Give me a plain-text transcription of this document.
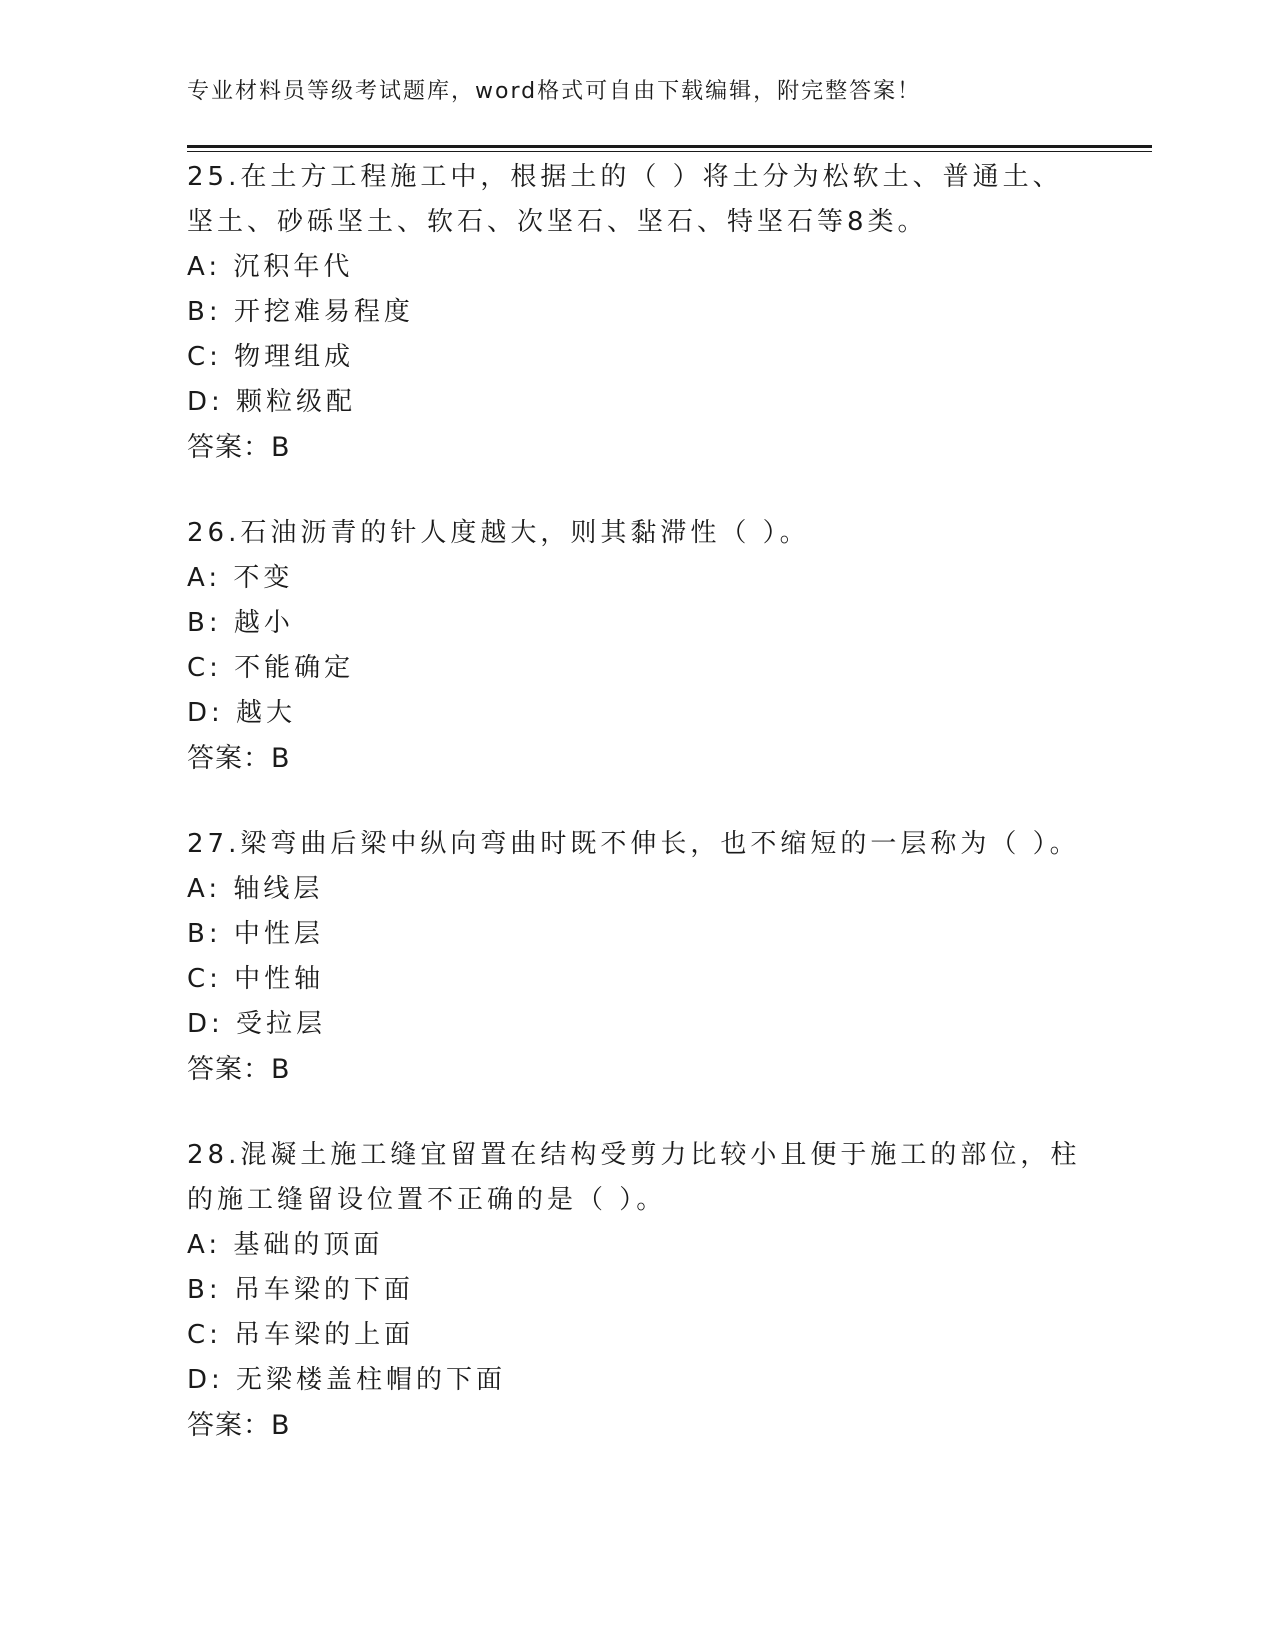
专业材料员等级考试题库，word格式可自由下载编辑，附完整答案！

25.在土方工程施工中，根据土的（ ）将土分为松软土、普通土、坚土、砂砾坚土、软石、次坚石、坚石、特坚石等8类。

A: 沉积年代

B: 开挖难易程度

C: 物理组成

D: 颗粒级配

答案：B

26.石油沥青的针人度越大，则其黏滞性（ ）。

A: 不变

B: 越小

C: 不能确定

D: 越大

答案：B

27.梁弯曲后梁中纵向弯曲时既不伸长，也不缩短的一层称为（ ）。

A: 轴线层

B: 中性层

C: 中性轴

D: 受拉层

答案：B

28.混凝土施工缝宜留置在结构受剪力比较小且便于施工的部位，柱的施工缝留设位置不正确的是（ ）。

A: 基础的顶面

B: 吊车梁的下面

C: 吊车梁的上面

D: 无梁楼盖柱帽的下面

答案：B
